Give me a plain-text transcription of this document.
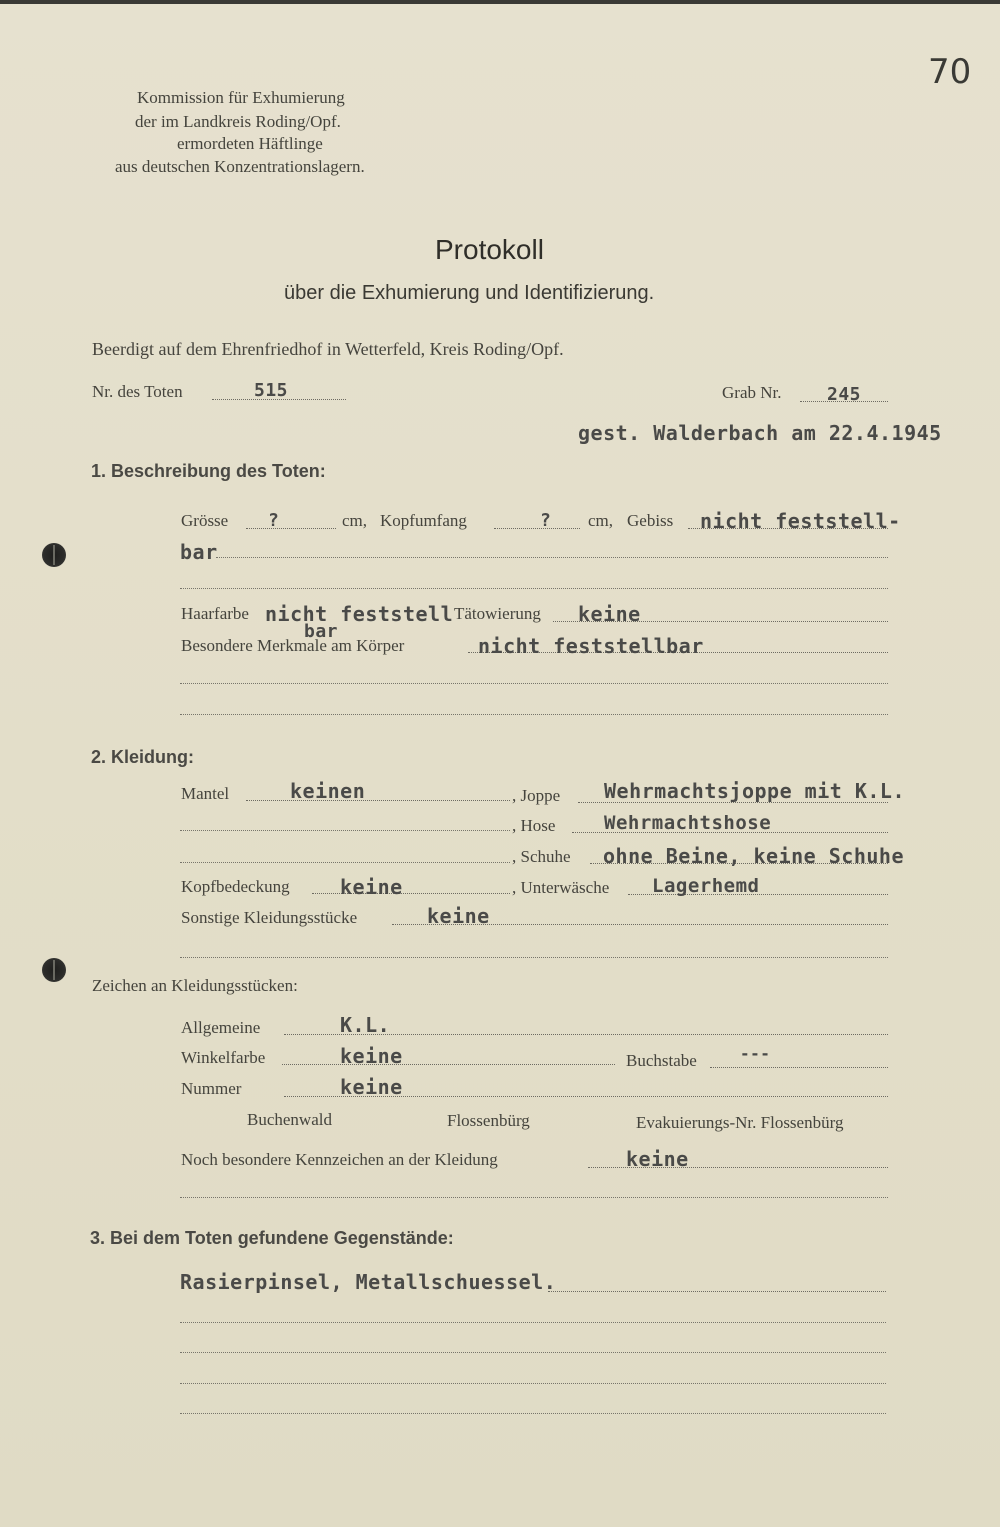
70
Kommission für Exhumierung
der im Landkreis Roding/Opf.
ermordeten Häftlinge
aus deutschen Konzentrationslagern.
Protokoll
über die Exhumierung und Identifizierung.
Beerdigt auf dem Ehrenfriedhof in Wetterfeld, Kreis Roding/Opf.
Nr. des Toten	515	Grab Nr.	245
gest. Walderbach am 22.4.1945
1. Beschreibung des Toten:
Grösse ?	cm, Kopfumfang	? cm, Gebiss nicht feststell-
bar
Haarfarbe nicht feststell Tätowierung keine
bar
Besondere Merkmale am Körper	nicht feststellbar
2. Kleidung:
Mantel	keinen	, Joppe Wehrmachtsjoppe mit K.L.
, Hose	Wehrmachtshose
, Schuhe ohne Beine, keine Schuhe
Kopfbedeckung	keine	, Unterwäsche Lagerhemd
Sonstige Kleidungsstücke	keine
Zeichen an Kleidungsstücken:
Allgemeine	K.L.
Winkelfarbe	keine	Buchstabe	---
Nummer	keine
Buchenwald	Flossenbürg	Evakuierungs-Nr. Flossenbürg
Noch besondere Kennzeichen an der Kleidung	keine
3. Bei dem Toten gefundene Gegenstände:
Rasierpinsel, Metallschuessel.
